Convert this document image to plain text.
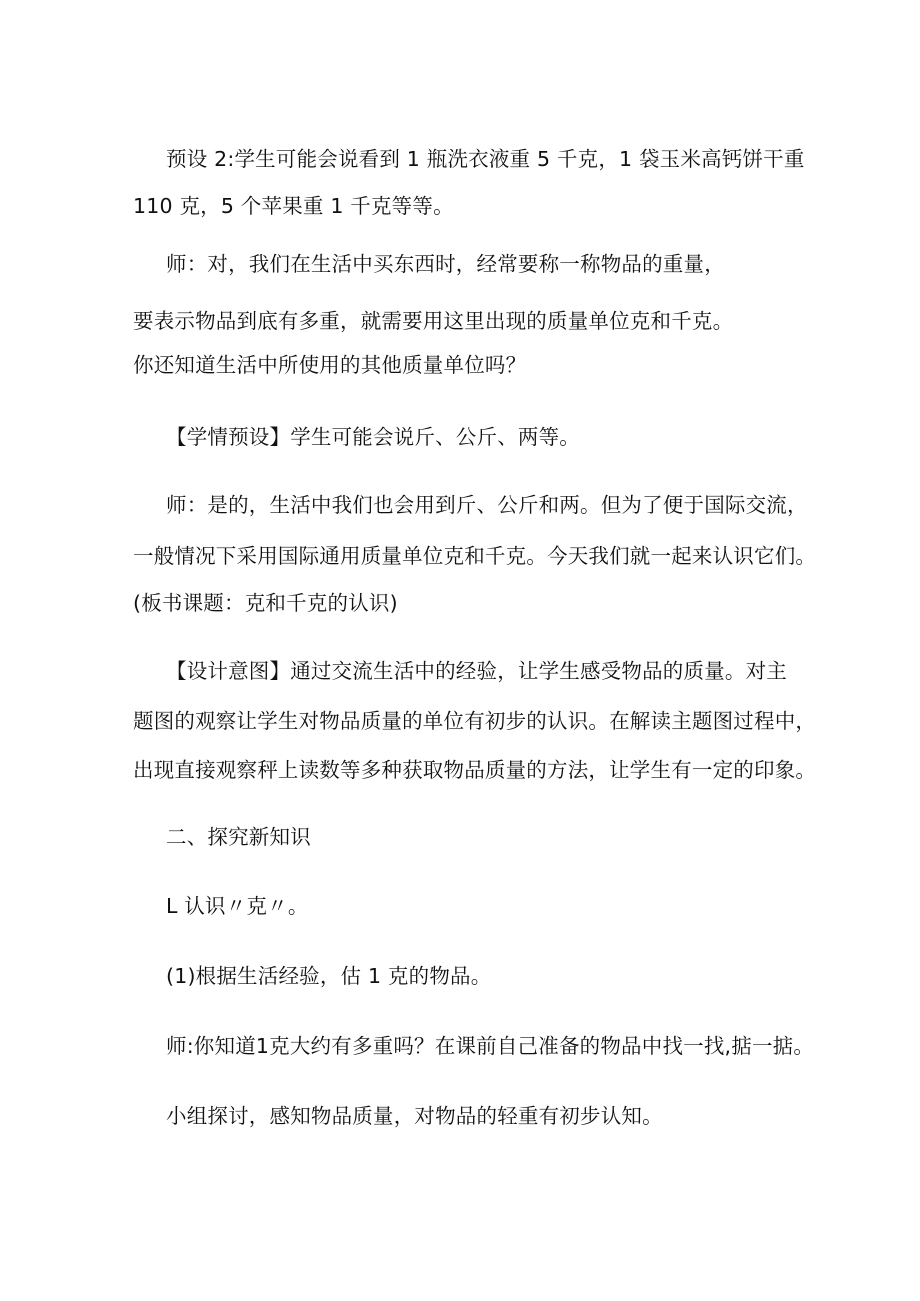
预设 2:学生可能会说看到 1 瓶洗衣液重 5 千克，1 袋玉米高钙饼干重
110 克，5 个苹果重 1 千克等等。
师：对，我们在生活中买东西时，经常要称一称物品的重量，
要表示物品到底有多重，就需要用这里出现的质量单位克和千克。
你还知道生活中所使用的其他质量单位吗？
【学情预设】学生可能会说斤、公斤、两等。
师：是的，生活中我们也会用到斤、公斤和两。但为了便于国际交流，
一般情况下采用国际通用质量单位克和千克。今天我们就一起来认识它们。
(板书课题：克和千克的认识)
【设计意图】通过交流生活中的经验，让学生感受物品的质量。对主
题图的观察让学生对物品质量的单位有初步的认识。在解读主题图过程中，
出现直接观察秤上读数等多种获取物品质量的方法，让学生有一定的印象。
二、探究新知识
L 认识〃克〃。
(1)根据生活经验，估 1 克的物品。
师:你知道1克大约有多重吗？在课前自己准备的物品中找一找,掂一掂。
小组探讨，感知物品质量，对物品的轻重有初步认知。
